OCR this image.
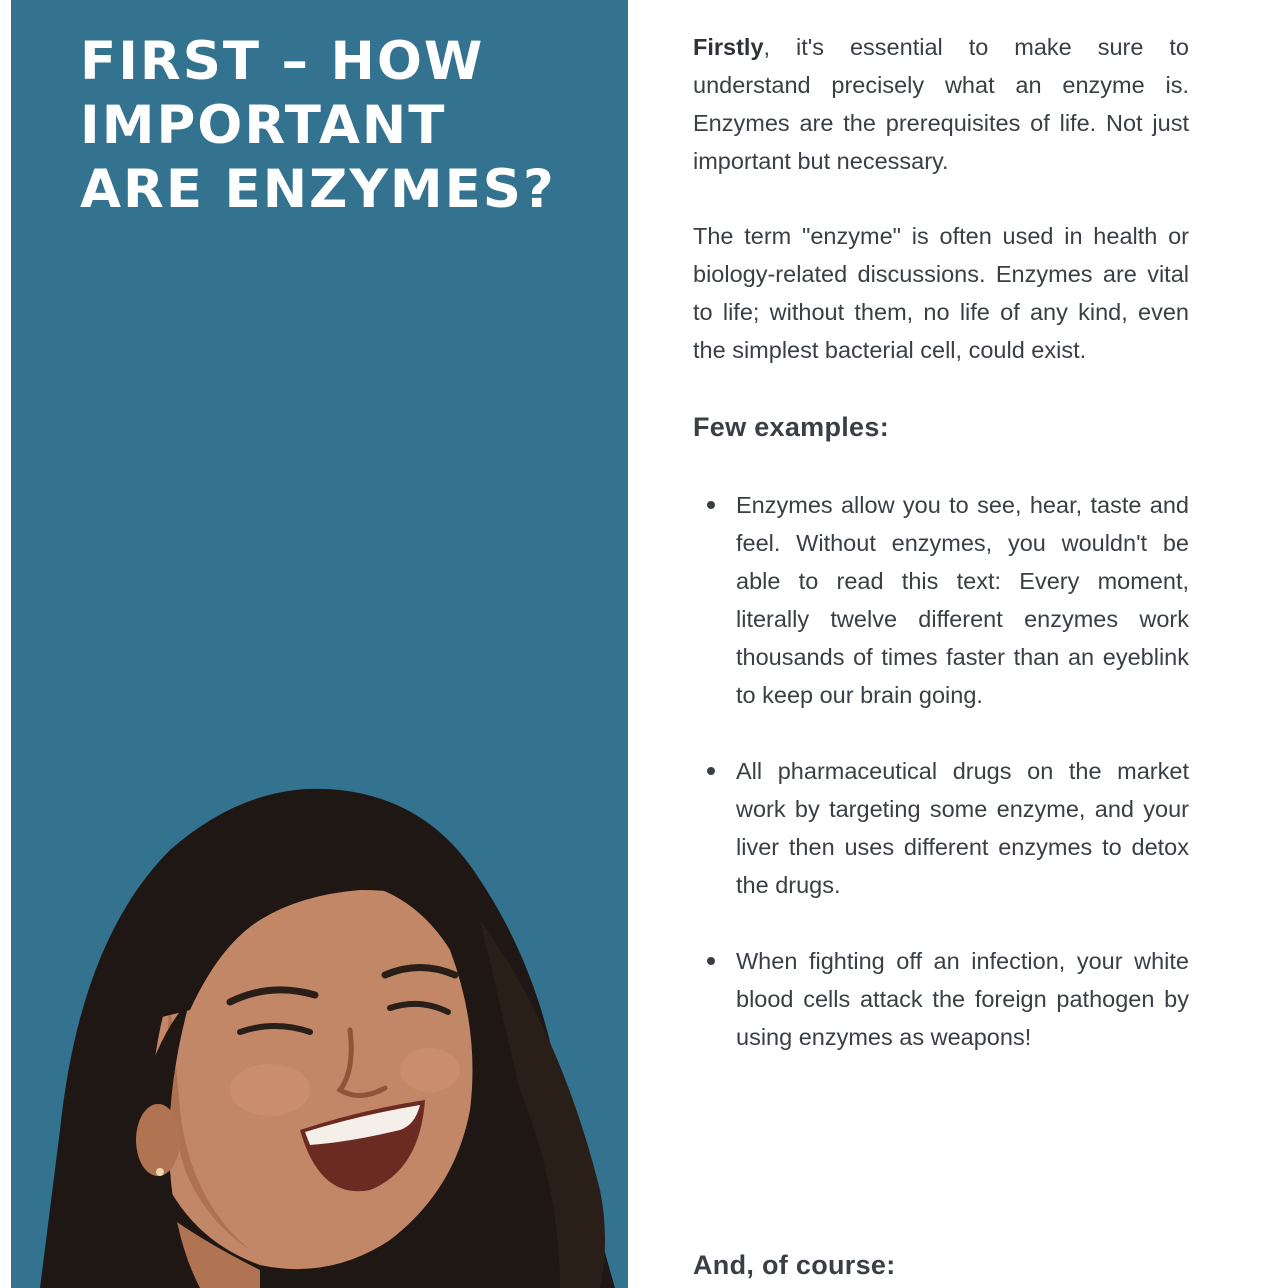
FIRST – HOW
IMPORTANT
ARE ENZYMES?

Firstly, it's essential to make sure to understand precisely what an enzyme is. Enzymes are the prerequisites of life. Not just important but necessary.

The term "enzyme" is often used in health or biology-related discussions. Enzymes are vital to life; without them, no life of any kind, even the simplest bacterial cell, could exist.

Few examples:
Enzymes allow you to see, hear, taste and feel. Without enzymes, you wouldn't be able to read this text: Every moment, literally twelve different enzymes work thousands of times faster than an eyeblink to keep our brain going.
All pharmaceutical drugs on the market work by targeting some enzyme, and your liver then uses different enzymes to detox the drugs.
When fighting off an infection, your white blood cells attack the foreign pathogen by using enzymes as weapons!
And, of course:
